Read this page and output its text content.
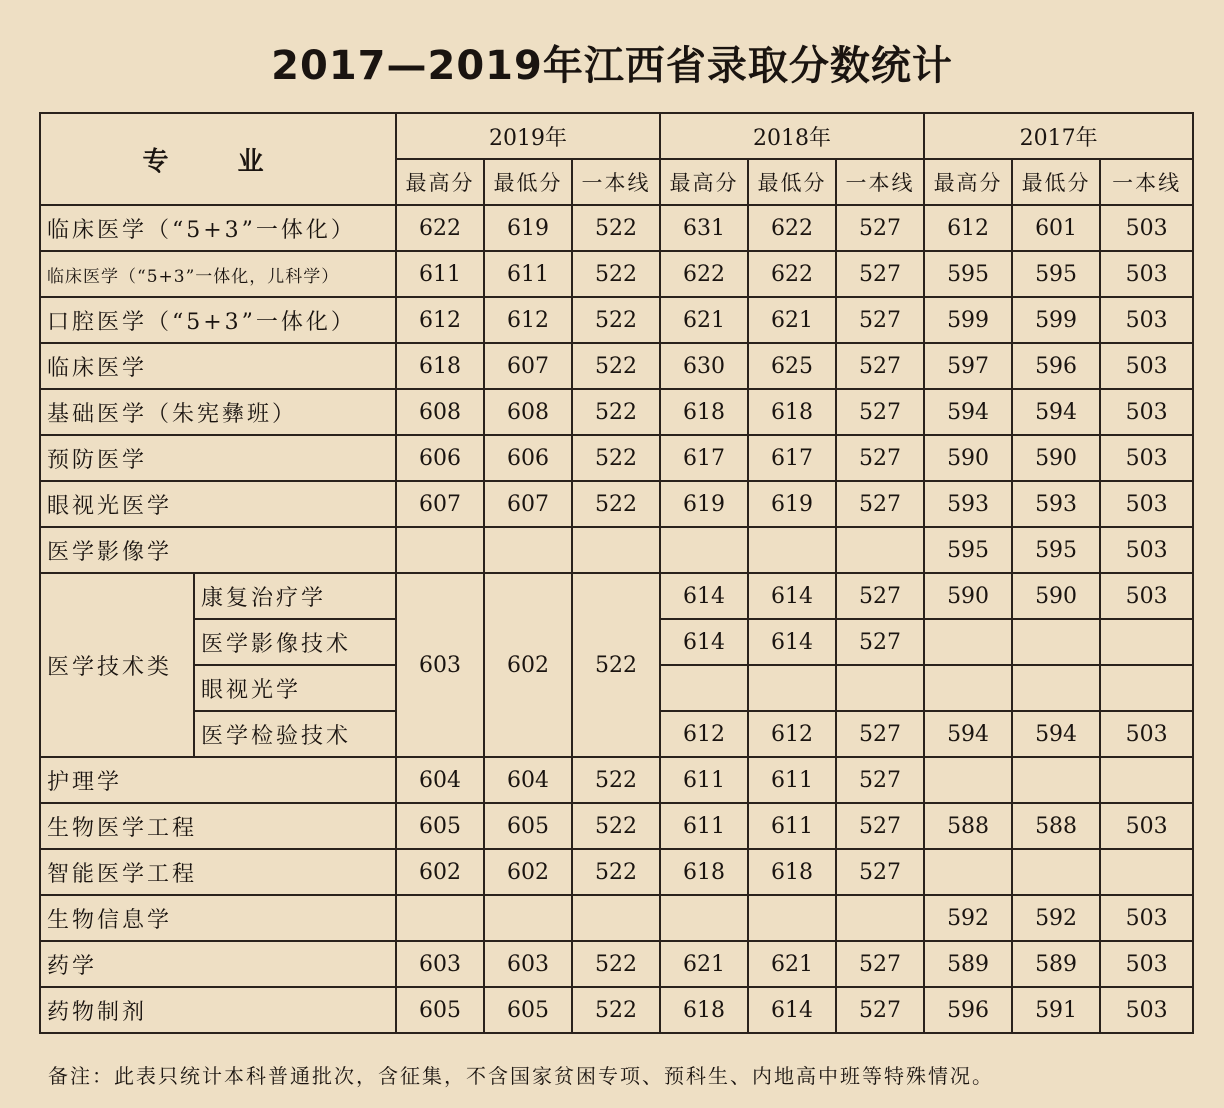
2017—2019年江西省录取分数统计
专 业		2019年			2018年			2017年		
		最高分	最低分	一本线	最高分	最低分	一本线	最高分	最低分	一本线
临床医学（“5+3”一体化）		622	619	522	631	622	527	612	601	503
临床医学（“5+3”一体化，儿科学）		611	611	522	622	622	527	595	595	503
口腔医学（“5+3”一体化）		612	612	522	621	621	527	599	599	503
临床医学		618	607	522	630	625	527	597	596	503
基础医学（朱宪彝班）		608	608	522	618	618	527	594	594	503
预防医学		606	606	522	617	617	527	590	590	503
眼视光医学		607	607	522	619	619	527	593	593	503
医学影像学								595	595	503
医学技术类	康复治疗学	603	602	522	614	614	527	590	590	503
	医学影像技术				614	614	527			
	眼视光学									
	医学检验技术				612	612	527	594	594	503
护理学		604	604	522	611	611	527			
生物医学工程		605	605	522	611	611	527	588	588	503
智能医学工程		602	602	522	618	618	527			
生物信息学								592	592	503
药学		603	603	522	621	621	527	589	589	503
药物制剂		605	605	522	618	614	527	596	591	503
备注：此表只统计本科普通批次，含征集，不含国家贫困专项、预科生、内地高中班等特殊情况。
